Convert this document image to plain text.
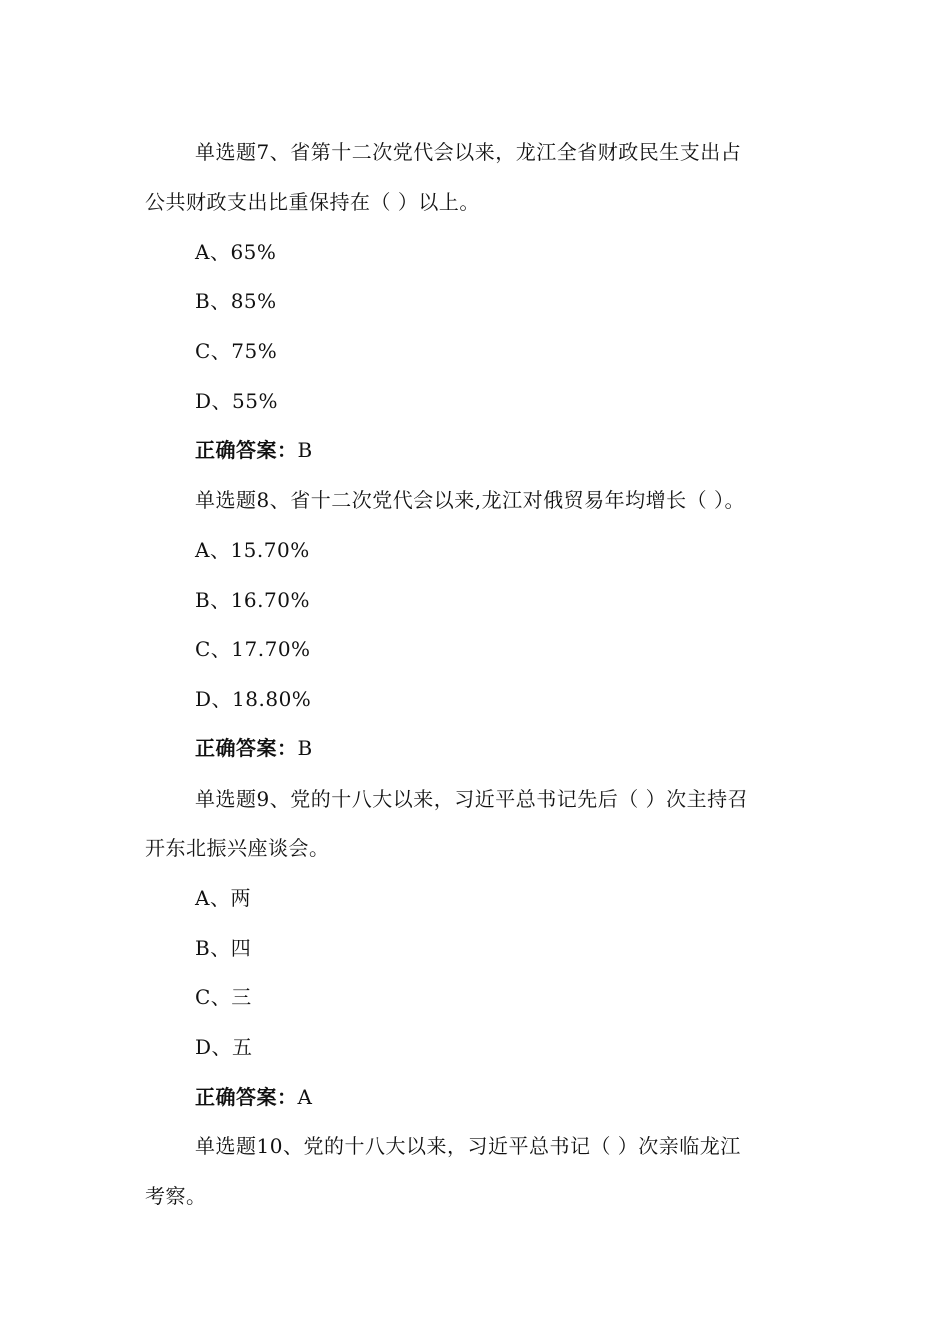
单选题7、省第十二次党代会以来，龙江全省财政民生支出占
公共财政支出比重保持在（ ）以上。
A、65%
B、85%
C、75%
D、55%
正确答案：B
单选题8、省十二次党代会以来,龙江对俄贸易年均增长（ ）。
A、15.70%
B、16.70%
C、17.70%
D、18.80%
正确答案：B
单选题9、党的十八大以来，习近平总书记先后（ ）次主持召
开东北振兴座谈会。
A、两
B、四
C、三
D、五
正确答案：A
单选题10、党的十八大以来，习近平总书记（ ）次亲临龙江
考察。
